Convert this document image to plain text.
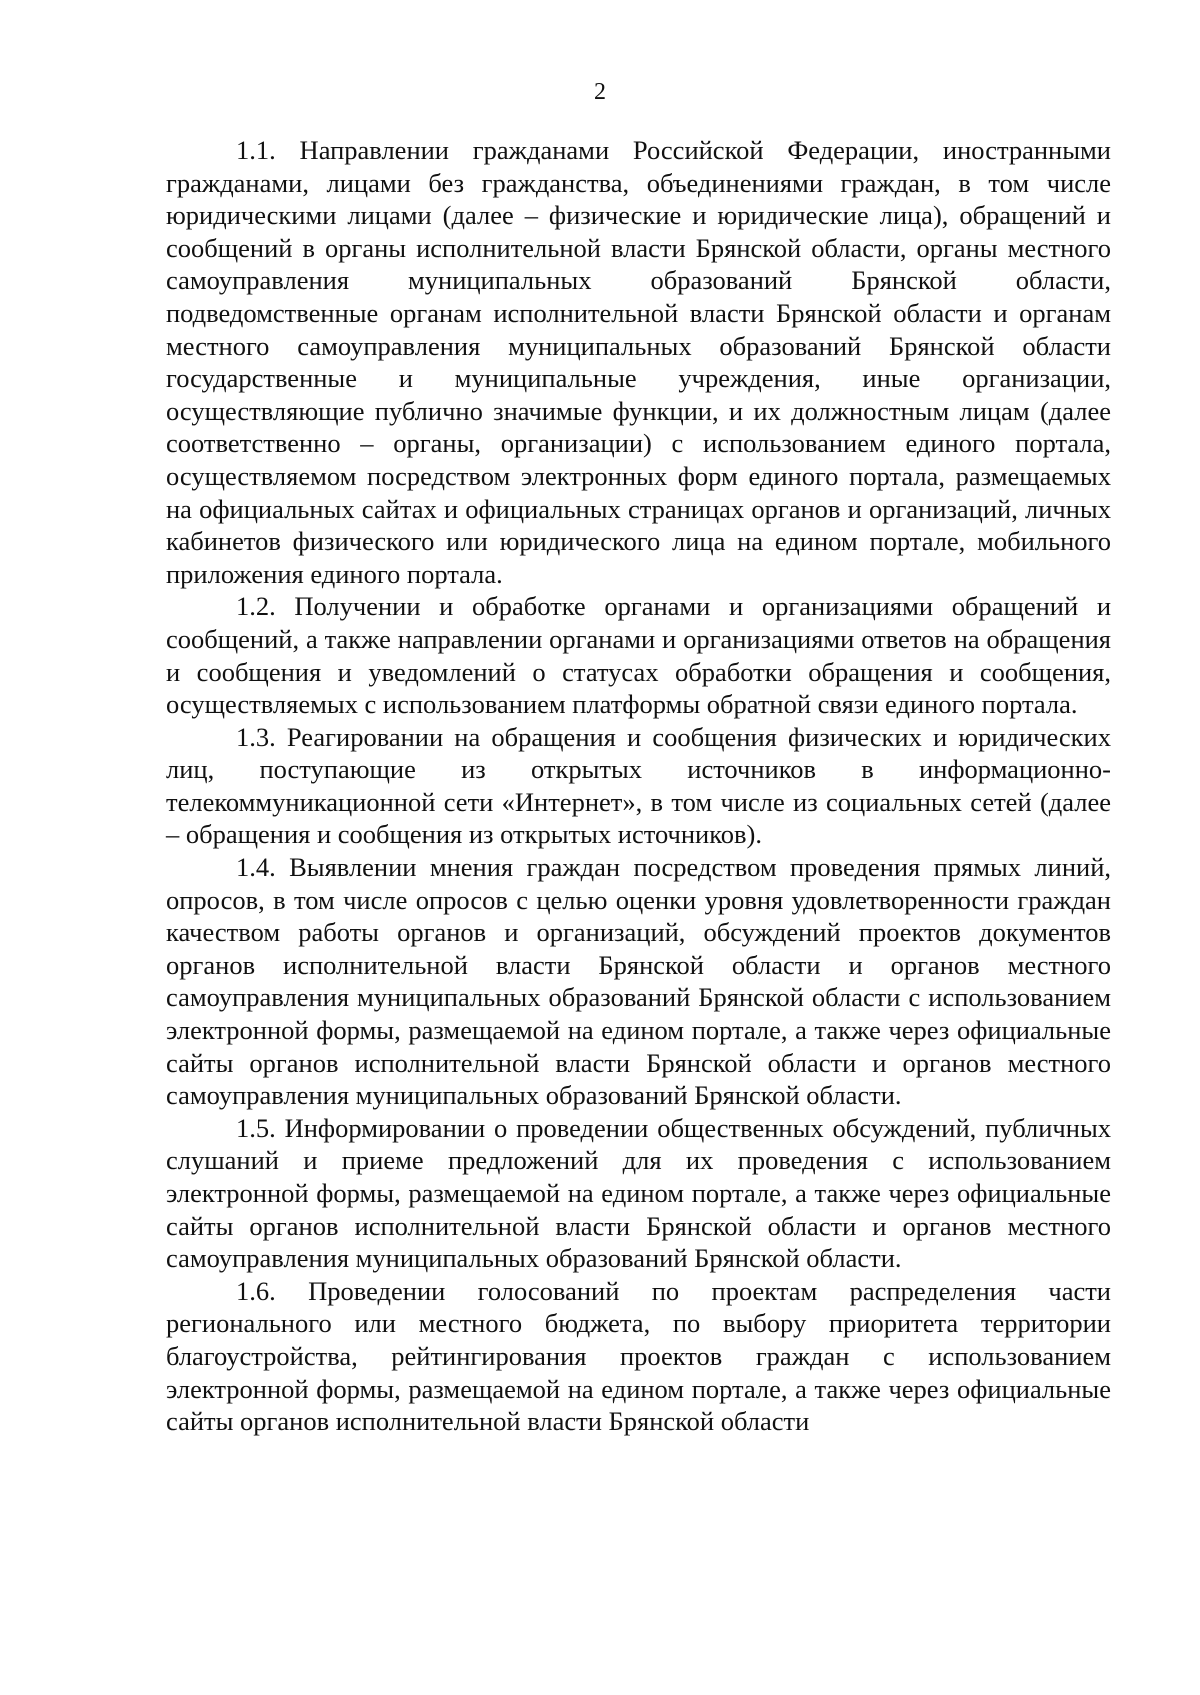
2

1.1. Направлении гражданами Российской Федерации, иностранными гражданами, лицами без гражданства, объединениями граждан, в том числе юридическими лицами (далее – физические и юридические лица), обращений и сообщений в органы исполнительной власти Брянской области, органы местного самоуправления муниципальных образований Брянской области, подведомственные органам исполнительной власти Брянской области и органам местного самоуправления муниципальных образований Брянской области государственные и муниципальные учреждения, иные организации, осуществляющие публично значимые функции, и их должностным лицам (далее соответственно – органы, организации) с использованием единого портала, осуществляемом посредством электронных форм единого портала, размещаемых на официальных сайтах и официальных страницах органов и организаций, личных кабинетов физического или юридического лица на едином портале, мобильного приложения единого портала.

1.2. Получении и обработке органами и организациями обращений и сообщений, а также направлении органами и организациями ответов на обращения и сообщения и уведомлений о статусах обработки обращения и сообщения, осуществляемых с использованием платформы обратной связи единого портала.

1.3. Реагировании на обращения и сообщения физических и юридических лиц, поступающие из открытых источников в информационно-телекоммуникационной сети «Интернет», в том числе из социальных сетей (далее – обращения и сообщения из открытых источников).

1.4. Выявлении мнения граждан посредством проведения прямых линий, опросов, в том числе опросов с целью оценки уровня удовлетворенности граждан качеством работы органов и организаций, обсуждений проектов документов органов исполнительной власти Брянской области и органов местного самоуправления муниципальных образований Брянской области с использованием электронной формы, размещаемой на едином портале, а также через официальные сайты органов исполнительной власти Брянской области и органов местного самоуправления муниципальных образований Брянской области.

1.5. Информировании о проведении общественных обсуждений, публичных слушаний и приеме предложений для их проведения с использованием электронной формы, размещаемой на едином портале, а также через официальные сайты органов исполнительной власти Брянской области и органов местного самоуправления муниципальных образований Брянской области.

1.6. Проведении голосований по проектам распределения части регионального или местного бюджета, по выбору приоритета территории благоустройства, рейтингирования проектов граждан с использованием электронной формы, размещаемой на едином портале, а также через официальные сайты органов исполнительной власти Брянской области
